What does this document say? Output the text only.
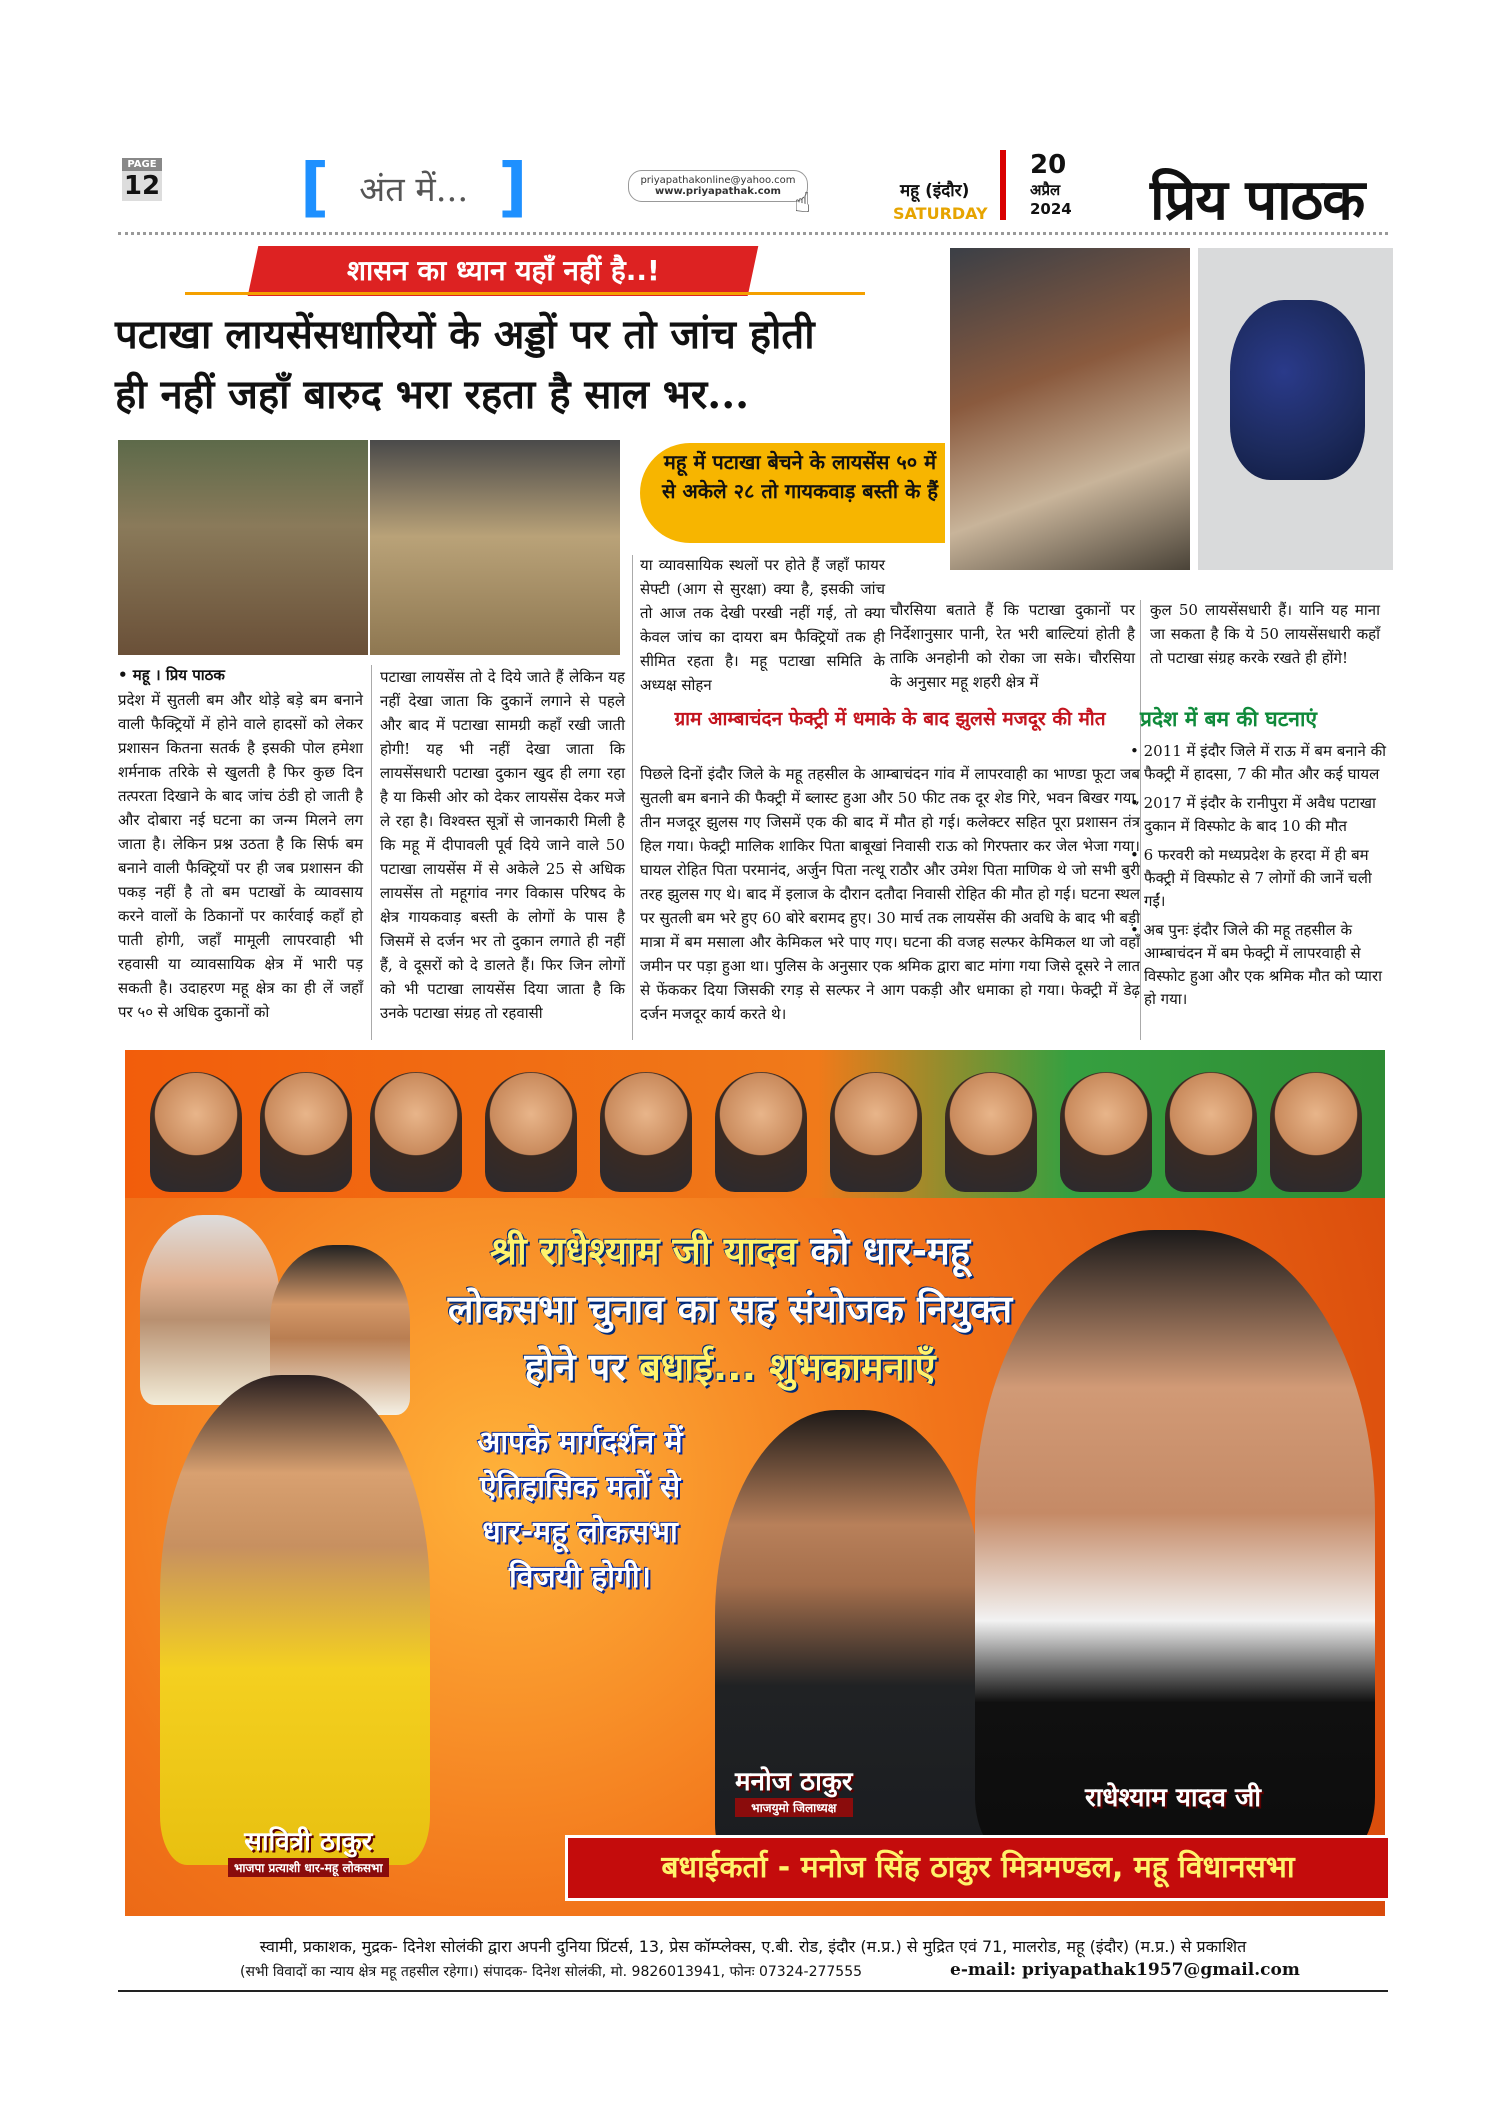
PAGE
12 [ अंत में... ]	priyapathakonline@yahoo.com
www.priyapathak.com ☝	महू (इंदौर)
SATURDAY
20
अप्रैल
2024 प्रिय पाठक
शासन का ध्यान यहाँ नहीं है..!
पटाखा लायसेंसधारियों के अड्डों पर तो जांच होती
ही नहीं जहाँ बारुद भरा रहता है साल भर...
महू में पटाखा बेचने के लायसेंस ५० में से अकेले २८ तो गायकवाड़ बस्ती के हैं
• महू । प्रिय पाठक
प्रदेश में सुतली बम और थोड़े बड़े बम बनाने वाली फैक्ट्रियों में होने वाले हादसों को लेकर प्रशासन कितना सतर्क है इसकी पोल हमेशा शर्मनाक तरिके से खुलती है फिर कुछ दिन तत्परता दिखाने के बाद जांच ठंडी हो जाती है और दोबारा नई घटना का जन्म मिलने लग जाता है। लेकिन प्रश्न उठता है कि सिर्फ बम बनाने वाली फैक्ट्रियों पर ही जब प्रशासन की पकड़ नहीं है तो बम पटाखों के व्यावसाय करने वालों के ठिकानों पर कार्रवाई कहाँ हो पाती होगी, जहाँ मामूली लापरवाही भी रहवासी या व्यावसायिक क्षेत्र में भारी पड़ सकती है। उदाहरण महू क्षेत्र का ही लें जहाँ पर ५० से अधिक दुकानों को
पटाखा लायसेंस तो दे दिये जाते हैं लेकिन यह नहीं देखा जाता कि दुकानें लगाने से पहले और बाद में पटाखा सामग्री कहाँ रखी जाती होगी! यह भी नहीं देखा जाता कि लायसेंसधारी पटाखा दुकान खुद ही लगा रहा है या किसी ओर को देकर लायसेंस देकर मजे ले रहा है। विश्वस्त सूत्रों से जानकारी मिली है कि महू में दीपावली पूर्व दिये जाने वाले 50 पटाखा लायसेंस में से अकेले 25 से अधिक लायसेंस तो महूगांव नगर विकास परिषद के क्षेत्र गायकवाड़ बस्ती के लोगों के पास है जिसमें से दर्जन भर तो दुकान लगाते ही नहीं हैं, वे दूसरों को दे डालते हैं। फिर जिन लोगों को भी पटाखा लायसेंस दिया जाता है कि उनके पटाखा संग्रह तो रहवासी
या व्यावसायिक स्थलों पर होते हैं जहाँ फायर सेफ्टी (आग से सुरक्षा) क्या है, इसकी जांच तो आज तक देखी परखी नहीं गई, तो क्या केवल जांच का दायरा बम फैक्ट्रियों तक ही सीमित रहता है। महू पटाखा समिति के अध्यक्ष सोहन
चौरसिया बताते हैं कि पटाखा दुकानों पर निर्देशानुसार पानी, रेत भरी बाल्टियां होती है ताकि अनहोनी को रोका जा सके। चौरसिया के अनुसार महू शहरी क्षेत्र में
कुल 50 लायसेंसधारी हैं। यानि यह माना जा सकता है कि ये 50 लायसेंसधारी कहाँ तो पटाखा संग्रह करके रखते ही होंगे!
ग्राम आम्बाचंदन फेक्ट्री में धमाके के बाद झुलसे मजदूर की मौत
पिछले दिनों इंदौर जिले के महू तहसील के आम्बाचंदन गांव में लापरवाही का भाण्डा फूटा जब सुतली बम बनाने की फैक्ट्री में ब्लास्ट हुआ और 50 फीट तक दूर शेड गिरे, भवन बिखर गया, तीन मजदूर झुलस गए जिसमें एक की बाद में मौत हो गई। कलेक्टर सहित पूरा प्रशासन तंत्र हिल गया। फेक्ट्री मालिक शाकिर पिता बाबूखां निवासी राऊ को गिरफ्तार कर जेल भेजा गया। घायल रोहित पिता परमानंद, अर्जुन पिता नत्थू राठौर और उमेश पिता माणिक थे जो सभी बुरी तरह झुलस गए थे। बाद में इलाज के दौरान दतौदा निवासी रोहित की मौत हो गई। घटना स्थल पर सुतली बम भरे हुए 60 बोरे बरामद हुए। 30 मार्च तक लायसेंस की अवधि के बाद भी बड़ी मात्रा में बम मसाला और केमिकल भरे पाए गए। घटना की वजह सल्फर केमिकल था जो वहाँ जमीन पर पड़ा हुआ था। पुलिस के अनुसार एक श्रमिक द्वारा बाट मांगा गया जिसे दूसरे ने लात से फेंककर दिया जिसकी रगड़ से सल्फर ने आग पकड़ी और धमाका हो गया। फेक्ट्री में डेढ़ दर्जन मजदूर कार्य करते थे।
प्रदेश में बम की घटनाएं
• 2011 में इंदौर जिले में राऊ में बम बनाने की फैक्ट्री में हादसा, 7 की मौत और कई घायल
• 2017 में इंदौर के रानीपुरा में अवैध पटाखा दुकान में विस्फोट के बाद 10 की मौत
• 6 फरवरी को मध्यप्रदेश के हरदा में ही बम फैक्ट्री में विस्फोट से 7 लोगों की जानें चली गईं।
• अब पुनः इंदौर जिले की महू तहसील के आम्बाचंदन में बम फेक्ट्री में लापरवाही से विस्फोट हुआ और एक श्रमिक मौत को प्यारा हो गया।
श्री राधेश्याम जी यादव को धार-महू
लोकसभा चुनाव का सह संयोजक नियुक्त
होने पर बधाई... शुभकामनाएँ
आपके मार्गदर्शन में ऐतिहासिक मतों से धार-महू लोकसभा विजयी होगी।
सावित्री ठाकुर
भाजपा प्रत्याशी धार-महू लोकसभा
मनोज ठाकुर
भाजयुमो जिलाध्यक्ष	राधेश्याम यादव जी
बधाईकर्ता - मनोज सिंह ठाकुर मित्रमण्डल, महू विधानसभा
स्वामी, प्रकाशक, मुद्रक- दिनेश सोलंकी द्वारा अपनी दुनिया प्रिंटर्स, 13, प्रेस कॉम्प्लेक्स, ए.बी. रोड, इंदौर (म.प्र.) से मुद्रित एवं 71, मालरोड, महू (इंदौर) (म.प्र.) से प्रकाशित
(सभी विवादों का न्याय क्षेत्र महू तहसील रहेगा।) संपादक- दिनेश सोलंकी, मो. 9826013941, फोनः 07324-277555	e-mail: priyapathak1957@gmail.com
